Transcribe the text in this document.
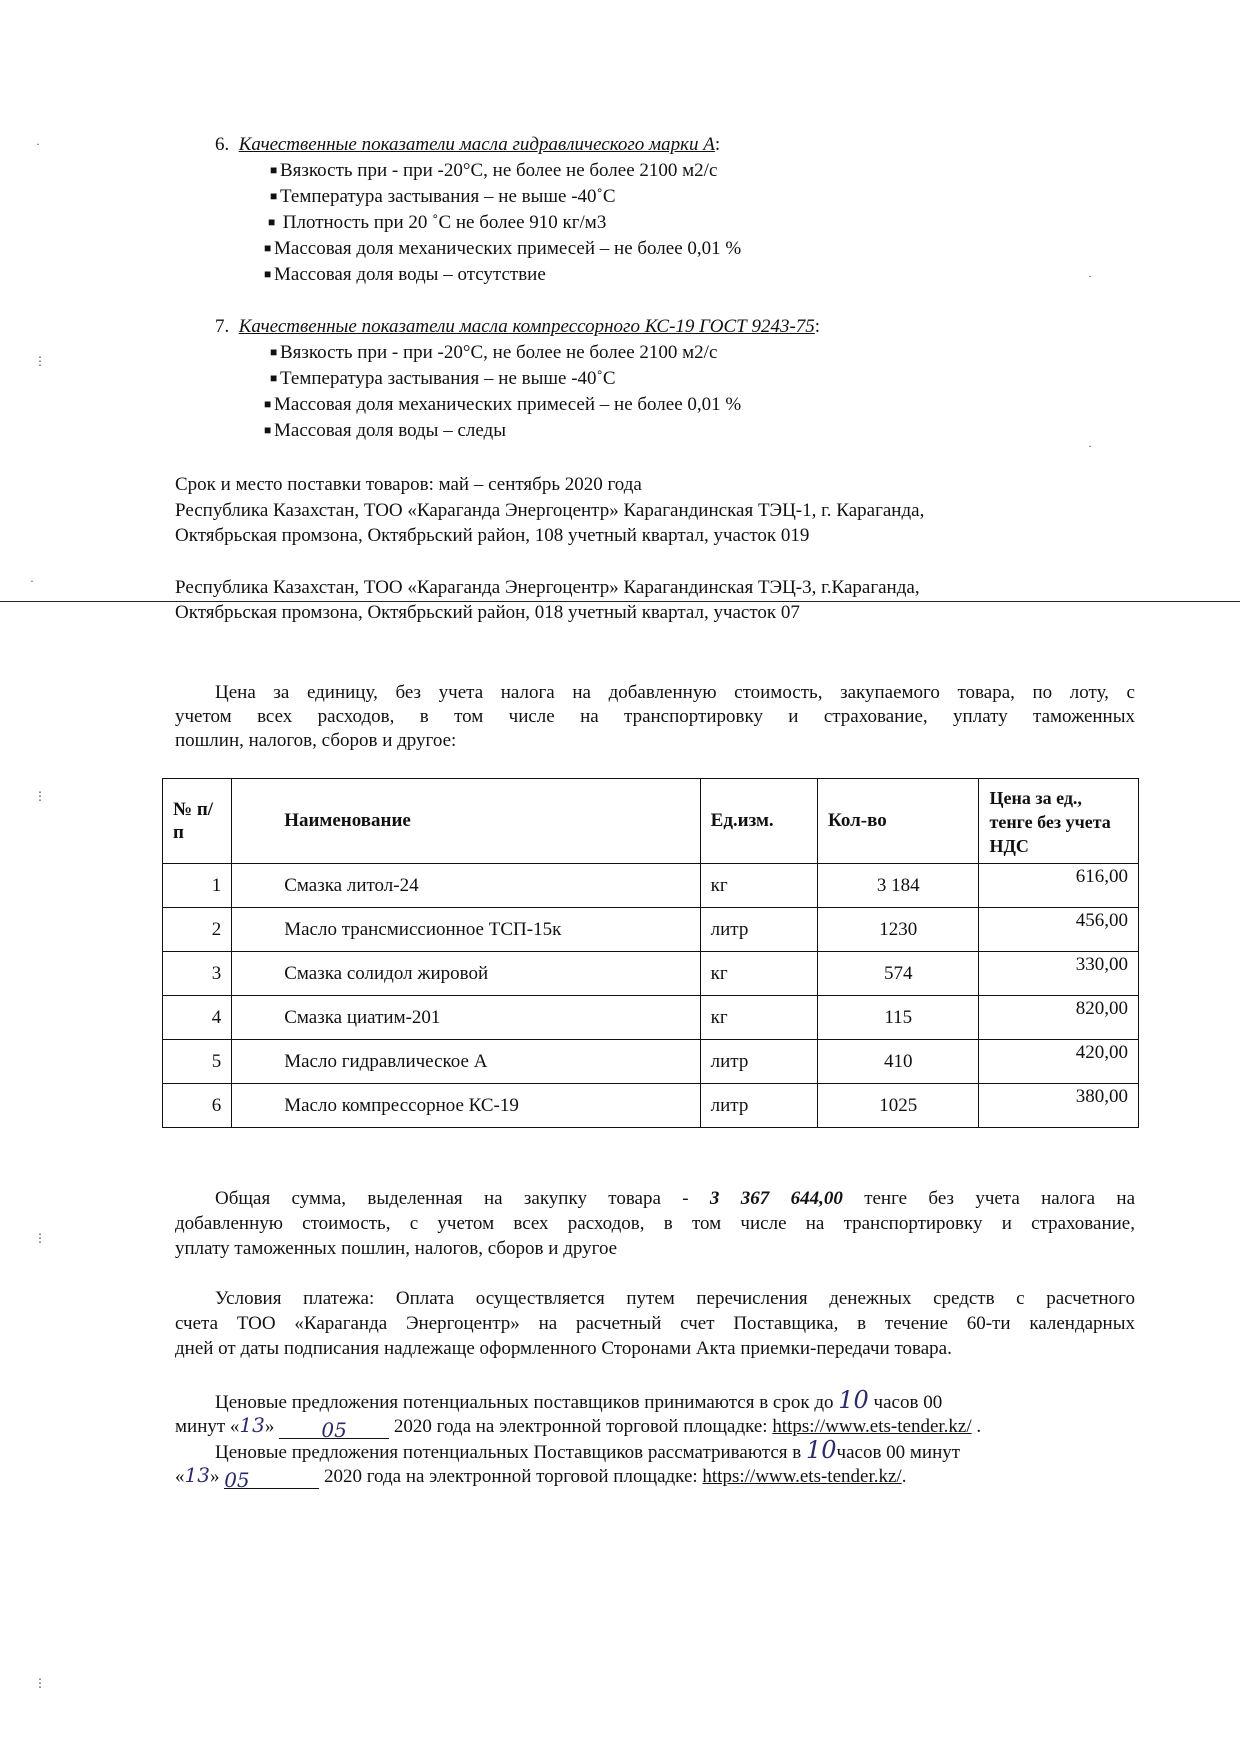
6. Качественные показатели масла гидравлического марки А:
■ Вязкость при - при -20°С, не более не более 2100 м2/с
■ Температура застывания – не выше -40˚С
■ Плотность при 20 ˚С не более 910 кг/м3
■ Массовая доля механических примесей – не более 0,01 %
■ Массовая доля воды – отсутствие
7. Качественные показатели масла компрессорного КС-19 ГОСТ 9243-75:
■ Вязкость при - при -20°С, не более не более 2100 м2/с
■ Температура застывания – не выше -40˚С
■ Массовая доля механических примесей – не более 0,01 %
■ Массовая доля воды – следы
Срок и место поставки товаров: май – сентябрь 2020 года
Республика Казахстан, ТОО «Караганда Энергоцентр» Карагандинская ТЭЦ-1, г. Караганда,
Октябрьская промзона, Октябрьский район, 108 учетный квартал, участок 019
Республика Казахстан, ТОО «Караганда Энергоцентр» Карагандинская ТЭЦ-3, г.Караганда,
Октябрьская промзона, Октябрьский район, 018 учетный квартал, участок 07
Цена за единицу, без учета налога на добавленную стоимость, закупаемого товара, по лоту, с
учетом всех расходов, в том числе на транспортировку и страхование, уплату таможенных
пошлин, налогов, сборов и другое:
№ п/п	Наименование	Ед.изм.	Кол-во	Цена за ед., тенге без учета НДС
1	Смазка литол-24	кг	3 184	616,00
2	Масло трансмиссионное ТСП-15к	литр	1230	456,00
3	Смазка солидол жировой	кг	574	330,00
4	Смазка циатим-201	кг	115	820,00
5	Масло гидравлическое А	литр	410	420,00
6	Масло компрессорное КС-19	литр	1025	380,00
Общая сумма, выделенная на закупку товара - 3 367 644,00 тенге без учета налога на
добавленную стоимость, с учетом всех расходов, в том числе на транспортировку и страхование,
уплату таможенных пошлин, налогов, сборов и другое
Условия платежа: Оплата осуществляется путем перечисления денежных средств с расчетного
счета ТОО «Караганда Энергоцентр» на расчетный счет Поставщика, в течение 60-ти календарных
дней от даты подписания надлежаще оформленного Сторонами Акта приемки-передачи товара.
Ценовые предложения потенциальных поставщиков принимаются в срок до 10 часов 00
минут «13» 05 2020 года на электронной торговой площадке: https://www.ets-tender.kz/ .
Ценовые предложения потенциальных Поставщиков рассматриваются в 10часов 00 минут
«13» 05	2020 года на электронной торговой площадке: https://www.ets-tender.kz/.
·
⋮
⋮
⋮
⋮
·
·
·
